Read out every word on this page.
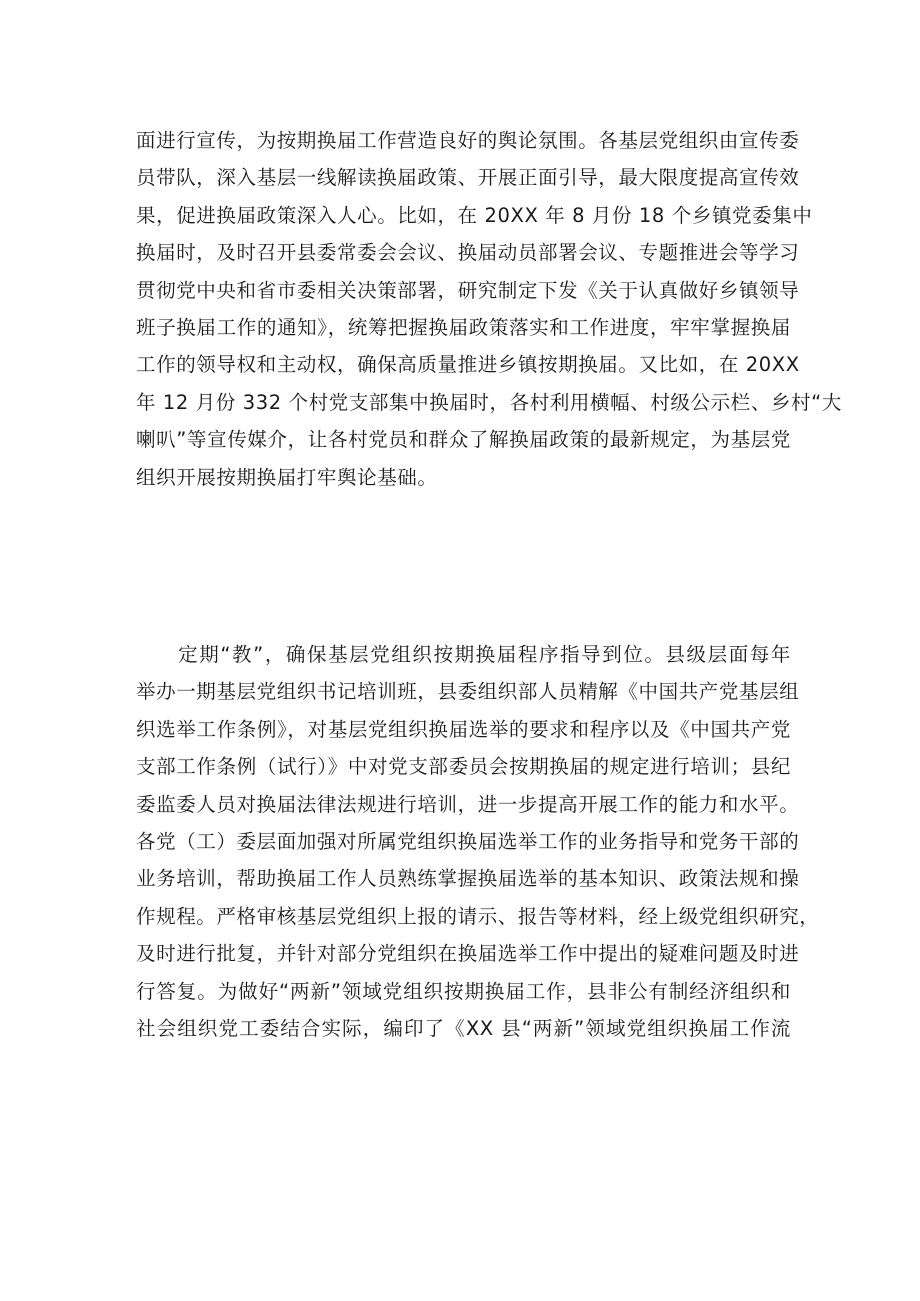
面进行宣传，为按期换届工作营造良好的舆论氛围。各基层党组织由宣传委
员带队，深入基层一线解读换届政策、开展正面引导，最大限度提高宣传效
果，促进换届政策深入人心。比如，在 20XX 年 8 月份 18 个乡镇党委集中
换届时，及时召开县委常委会会议、换届动员部署会议、专题推进会等学习
贯彻党中央和省市委相关决策部署，研究制定下发《关于认真做好乡镇领导
班子换届工作的通知》，统筹把握换届政策落实和工作进度，牢牢掌握换届
工作的领导权和主动权，确保高质量推进乡镇按期换届。又比如，在 20XX
年 12 月份 332 个村党支部集中换届时，各村利用横幅、村级公示栏、乡村“大
喇叭”等宣传媒介，让各村党员和群众了解换届政策的最新规定，为基层党
组织开展按期换届打牢舆论基础。

　　定期“教”，确保基层党组织按期换届程序指导到位。县级层面每年
举办一期基层党组织书记培训班，县委组织部人员精解《中国共产党基层组
织选举工作条例》，对基层党组织换届选举的要求和程序以及《中国共产党
支部工作条例（试行）》中对党支部委员会按期换届的规定进行培训；县纪
委监委人员对换届法律法规进行培训，进一步提高开展工作的能力和水平。
各党（工）委层面加强对所属党组织换届选举工作的业务指导和党务干部的
业务培训，帮助换届工作人员熟练掌握换届选举的基本知识、政策法规和操
作规程。严格审核基层党组织上报的请示、报告等材料，经上级党组织研究，
及时进行批复，并针对部分党组织在换届选举工作中提出的疑难问题及时进
行答复。为做好“两新”领域党组织按期换届工作，县非公有制经济组织和
社会组织党工委结合实际，编印了《XX 县“两新”领域党组织换届工作流
